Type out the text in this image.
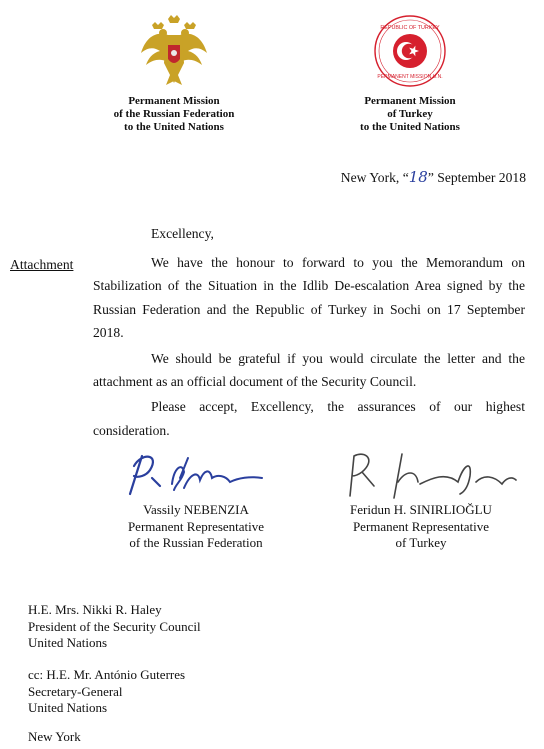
REPUBLIC OF TURKEY
PERMANENT MISSION U.N.
Permanent Mission
of the Russian Federation
to the United Nations
Permanent Mission
of Turkey
to the United Nations
New York, “18” September 2018
Excellency,
Attachment	We have the honour to forward to you the Memorandum on Stabilization of the Situation in the Idlib De-escalation Area signed by the Russian Federation and the Republic of Turkey in Sochi on 17 September 2018.

We should be grateful if you would circulate the letter and the attachment as an official document of the Security Council.

Please accept, Excellency, the assurances of our highest consideration.

Vassily NEBENZIA
Permanent Representative
of the Russian Federation
Feridun H. SINIRLIOĞLU
Permanent Representative
of Turkey
H.E. Mrs. Nikki R. Haley
President of the Security Council
United Nations
cc: H.E. Mr. António Guterres
Secretary-General
United Nations
New York
